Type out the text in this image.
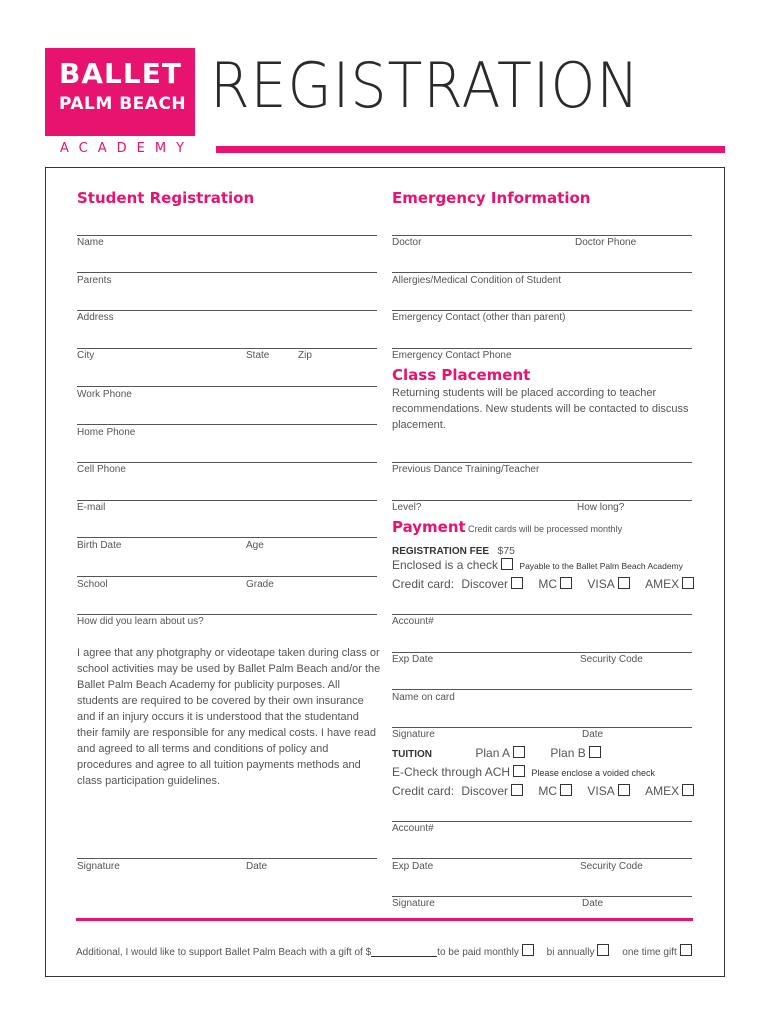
BALLET
PALM BEACH
ACADEMY
REGISTRATION
Student Registration
Name
Parents
Address
City	State	Zip
Work Phone
Home Phone
Cell Phone
E-mail
Birth Date	Age
School	Grade
How did you learn about us?
I agree that any photgraphy or videotape taken during class or school activities may be used by Ballet Palm Beach and/or the Ballet Palm Beach Academy for publicity purposes. All students are required to be covered by their own insurance and if an injury occurs it is understood that the studentand their family are responsible for any medical costs. I have read and agreed to all terms and conditions of policy and procedures and agree to all tuition payments methods and class participation guidelines.
Signature	Date
Emergency Information
Doctor	Doctor Phone
Allergies/Medical Condition of Student
Emergency Contact (other than parent)
Emergency Contact Phone
Class Placement
Returning students will be placed according to teacher recommendations. New students will be contacted to discuss placement.
Previous Dance Training/Teacher
Level?	How long?
Payment Credit cards will be processed monthly
REGISTRATION FEE $75
Enclosed is a check	Payable to the Ballet Palm Beach Academy
Credit card: Discover	MC	VISA	AMEX
Account#
Exp Date	Security Code
Name on card
Signature	Date
TUITION	Plan A	Plan B
E-Check through ACH Please enclose a voided check
Credit card: Discover	MC	VISA	AMEX
Account#
Exp Date	Security Code
Signature	Date
Additional, I would like to support Ballet Palm Beach with a gift of $	to be paid monthly	bi annually	one time gift
